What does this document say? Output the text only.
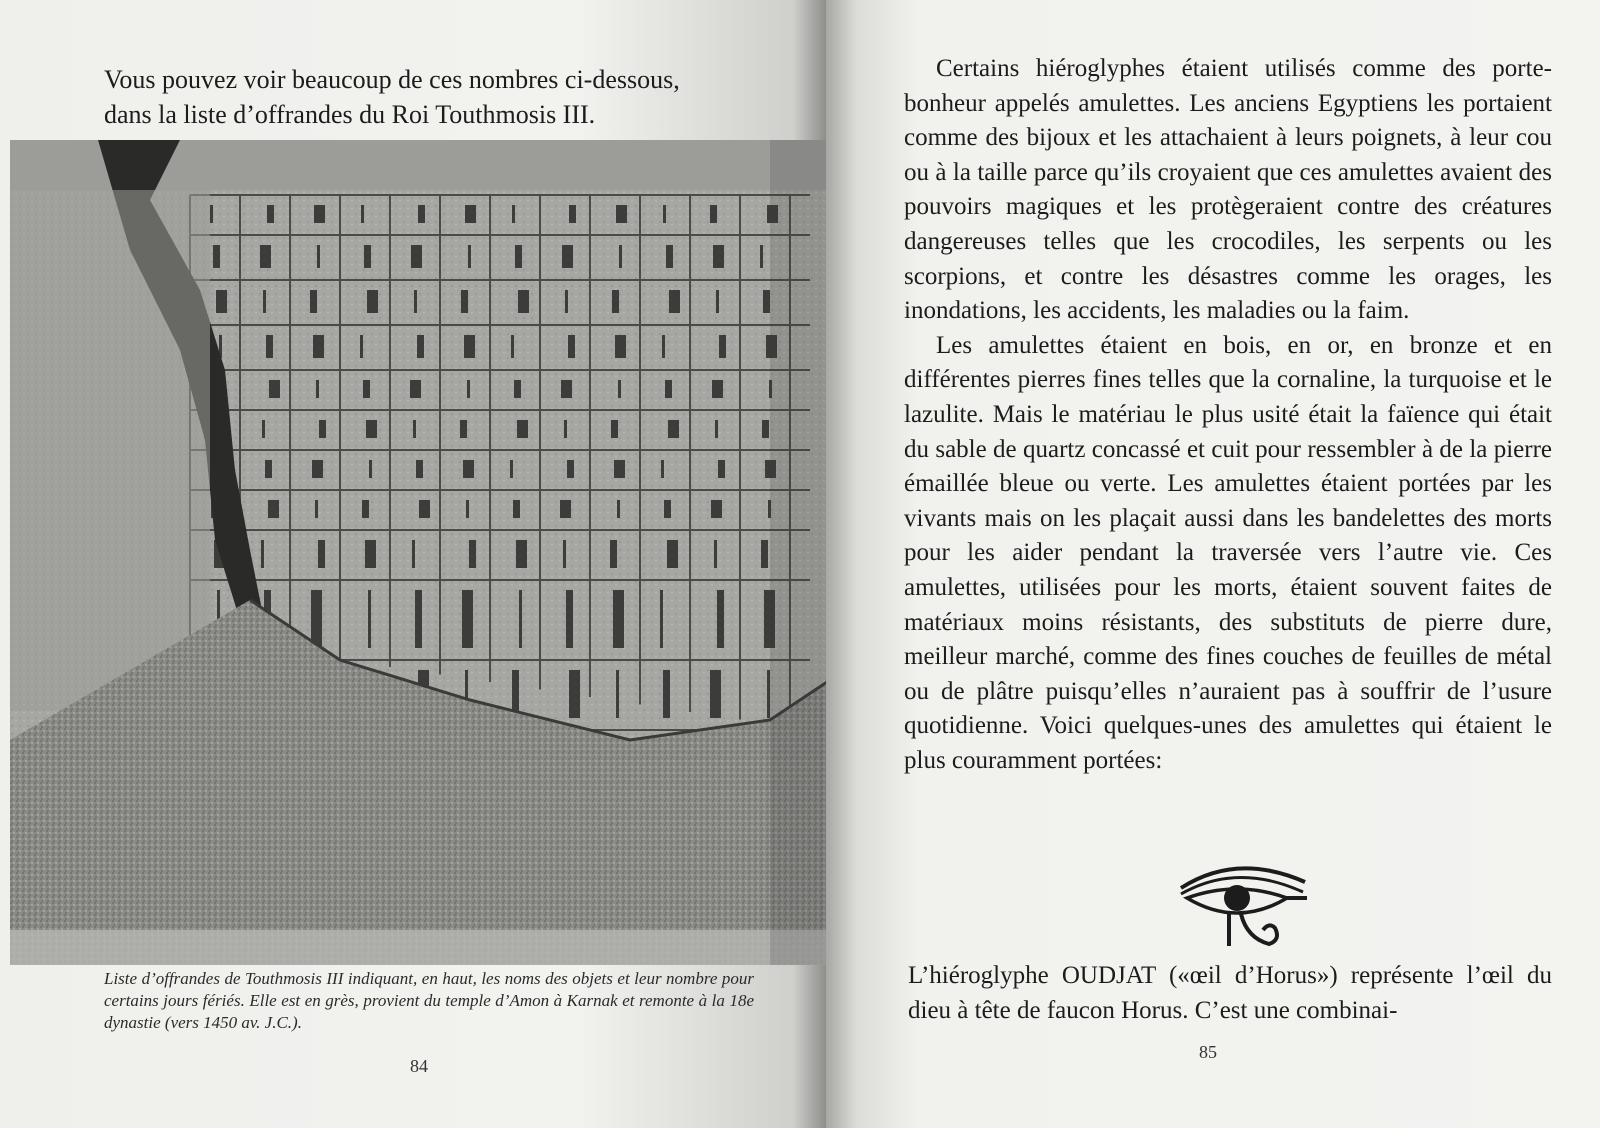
Vous pouvez voir beaucoup de ces nombres ci-dessous,
dans la liste d’offrandes du Roi Touthmosis III.
Liste d’offrandes de Touthmosis III indiquant, en haut, les noms des objets et leur nombre pour certains jours fériés. Elle est en grès, provient du temple d’Amon à Karnak et remonte à la 18e dynastie (vers 1450 av. J.C.).
84

Certains hiéroglyphes étaient utilisés comme des porte-bonheur appelés amulettes. Les anciens Egyptiens les portaient comme des bijoux et les attachaient à leurs poignets, à leur cou ou à la taille parce qu’ils croyaient que ces amulettes avaient des pouvoirs magiques et les protègeraient contre des créatures dangereuses telles que les crocodiles, les serpents ou les scorpions, et contre les désastres comme les orages, les inondations, les accidents, les maladies ou la faim.

Les amulettes étaient en bois, en or, en bronze et en différentes pierres fines telles que la cornaline, la turquoise et le lazulite. Mais le matériau le plus usité était la faïence qui était du sable de quartz concassé et cuit pour ressembler à de la pierre émaillée bleue ou verte. Les amulettes étaient portées par les vivants mais on les plaçait aussi dans les bandelettes des morts pour les aider pendant la traversée vers l’autre vie. Ces amulettes, utilisées pour les morts, étaient souvent faites de matériaux moins résistants, des substituts de pierre dure, meilleur marché, comme des fines couches de feuilles de métal ou de plâtre puisqu’elles n’auraient pas à souffrir de l’usure quotidienne. Voici quelques-unes des amulettes qui étaient le plus couramment portées:

L’hiéroglyphe OUDJAT («œil d’Horus») représente l’œil du dieu à tête de faucon Horus. C’est une combinai-
85
